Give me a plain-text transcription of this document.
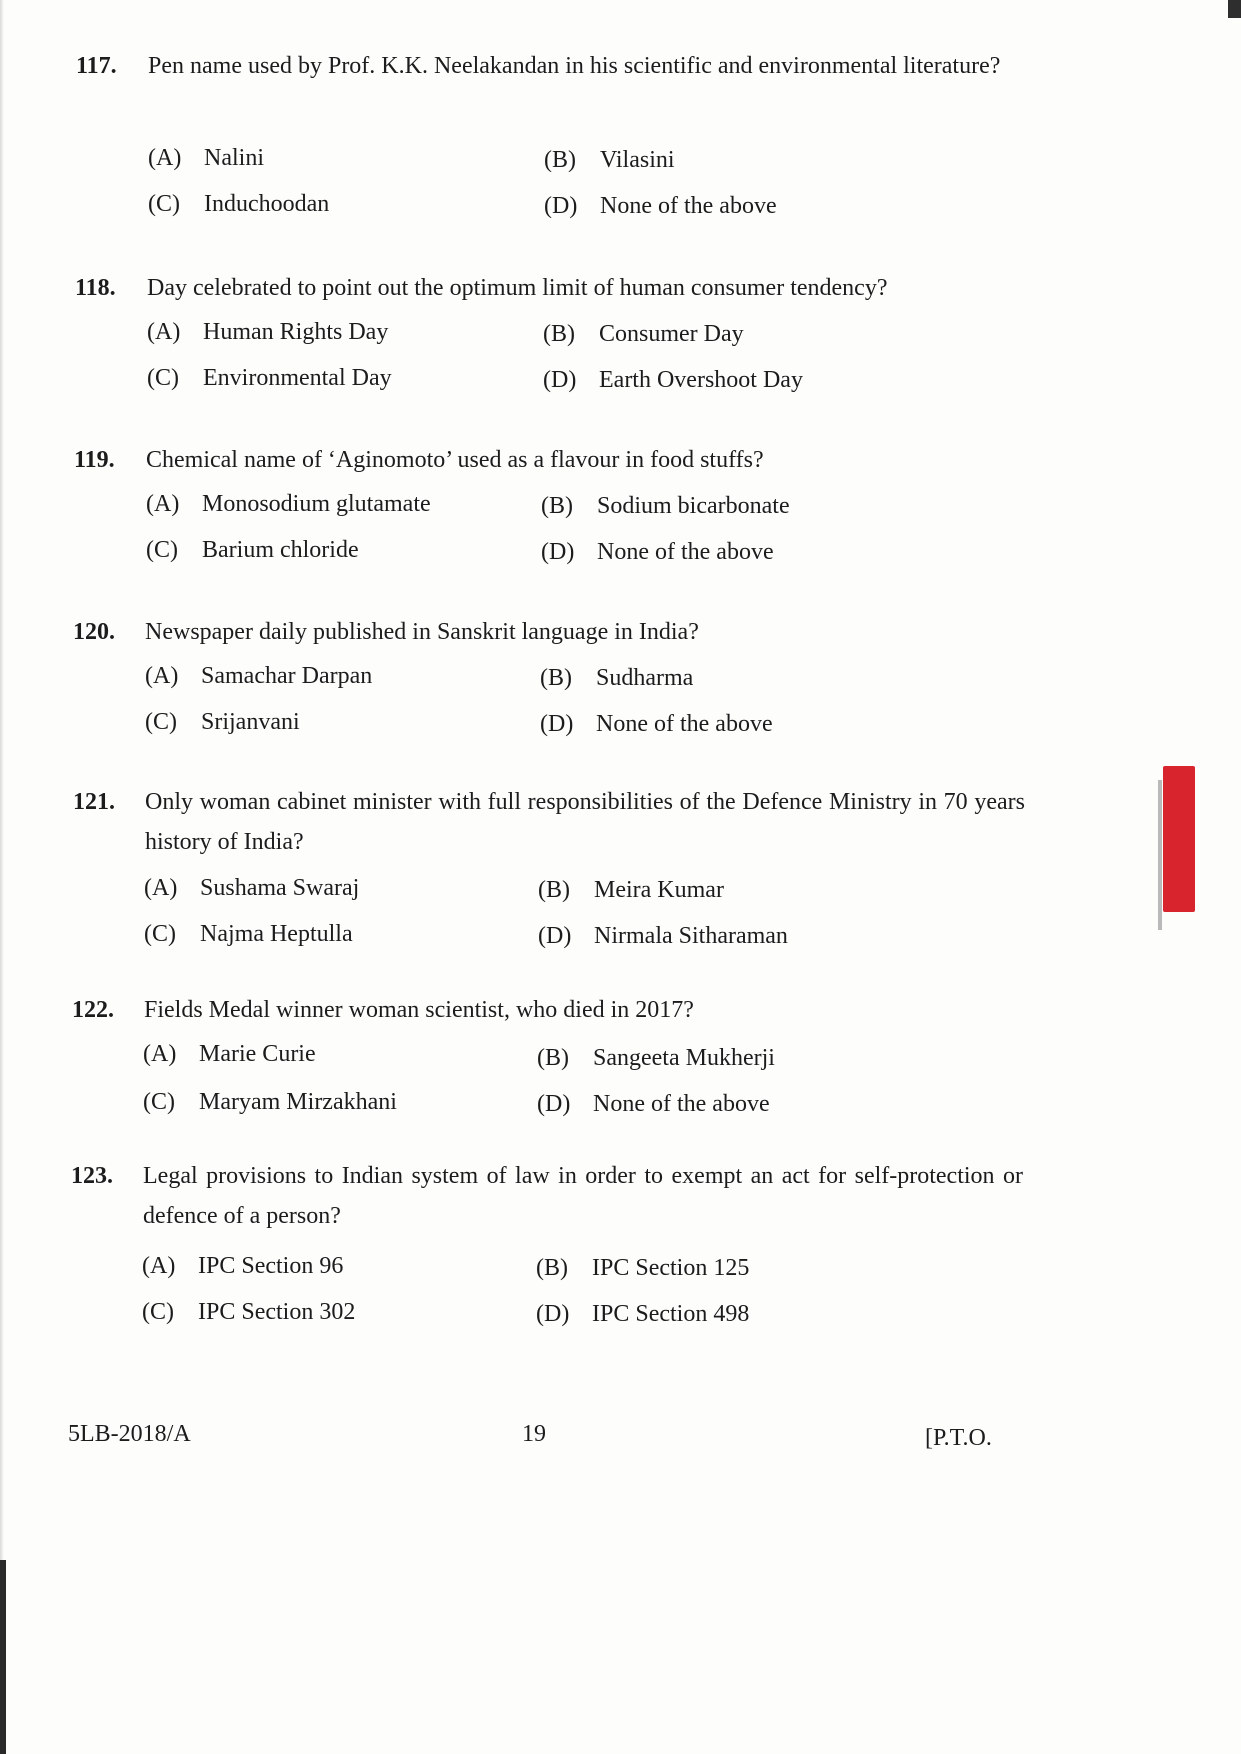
117. Pen name used by Prof. K.K. Neelakandan in his scientific and environmental literature?
(A) Nalini	(B) Vilasini
(C) Induchoodan	(D) None of the above
118. Day celebrated to point out the optimum limit of human consumer tendency?
(A) Human Rights Day	(B) Consumer Day
(C) Environmental Day	(D) Earth Overshoot Day
119. Chemical name of ‘Aginomoto’ used as a flavour in food stuffs?
(A) Monosodium glutamate	(B) Sodium bicarbonate
(C) Barium chloride	(D) None of the above
120. Newspaper daily published in Sanskrit language in India?
(A) Samachar Darpan	(B) Sudharma
(C) Srijanvani	(D) None of the above
121. Only woman cabinet minister with full responsibilities of the Defence Ministry in 70 years history of India?
(A) Sushama Swaraj	(B) Meira Kumar
(C) Najma Heptulla	(D) Nirmala Sitharaman
122. Fields Medal winner woman scientist, who died in 2017?
(A) Marie Curie	(B) Sangeeta Mukherji
(C) Maryam Mirzakhani	(D) None of the above
123. Legal provisions to Indian system of law in order to exempt an act for self-protection or defence of a person?
(A) IPC Section 96	(B) IPC Section 125
(C) IPC Section 302	(D) IPC Section 498
5LB-2018/A	19	[P.T.O.
